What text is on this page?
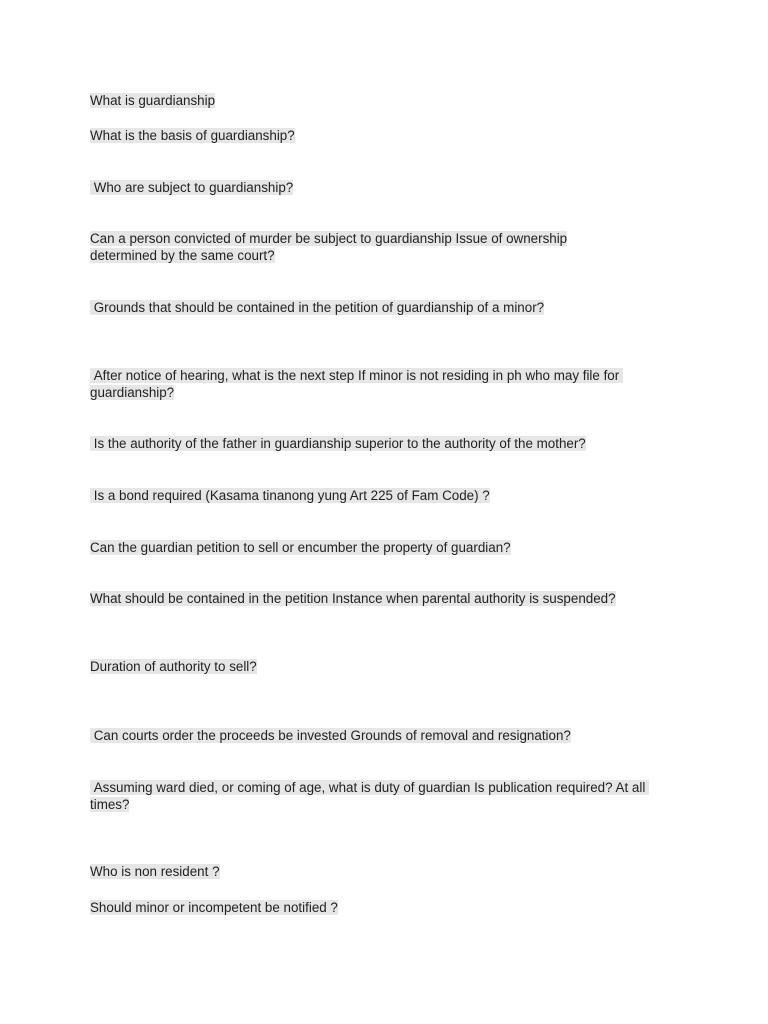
What is guardianship
What is the basis of guardianship?
Who are subject to guardianship?
Can a person convicted of murder be subject to guardianship Issue of ownership determined by the same court?
Grounds that should be contained in the petition of guardianship of a minor?
After notice of hearing, what is the next step If minor is not residing in ph who may file for guardianship?
Is the authority of the father in guardianship superior to the authority of the mother?
Is a bond required (Kasama tinanong yung Art 225 of Fam Code) ?
Can the guardian petition to sell or encumber the property of guardian?
What should be contained in the petition Instance when parental authority is suspended?
Duration of authority to sell?
Can courts order the proceeds be invested Grounds of removal and resignation?
Assuming ward died, or coming of age, what is duty of guardian Is publication required? At all times?
Who is non resident ?
Should minor or incompetent be notified ?
